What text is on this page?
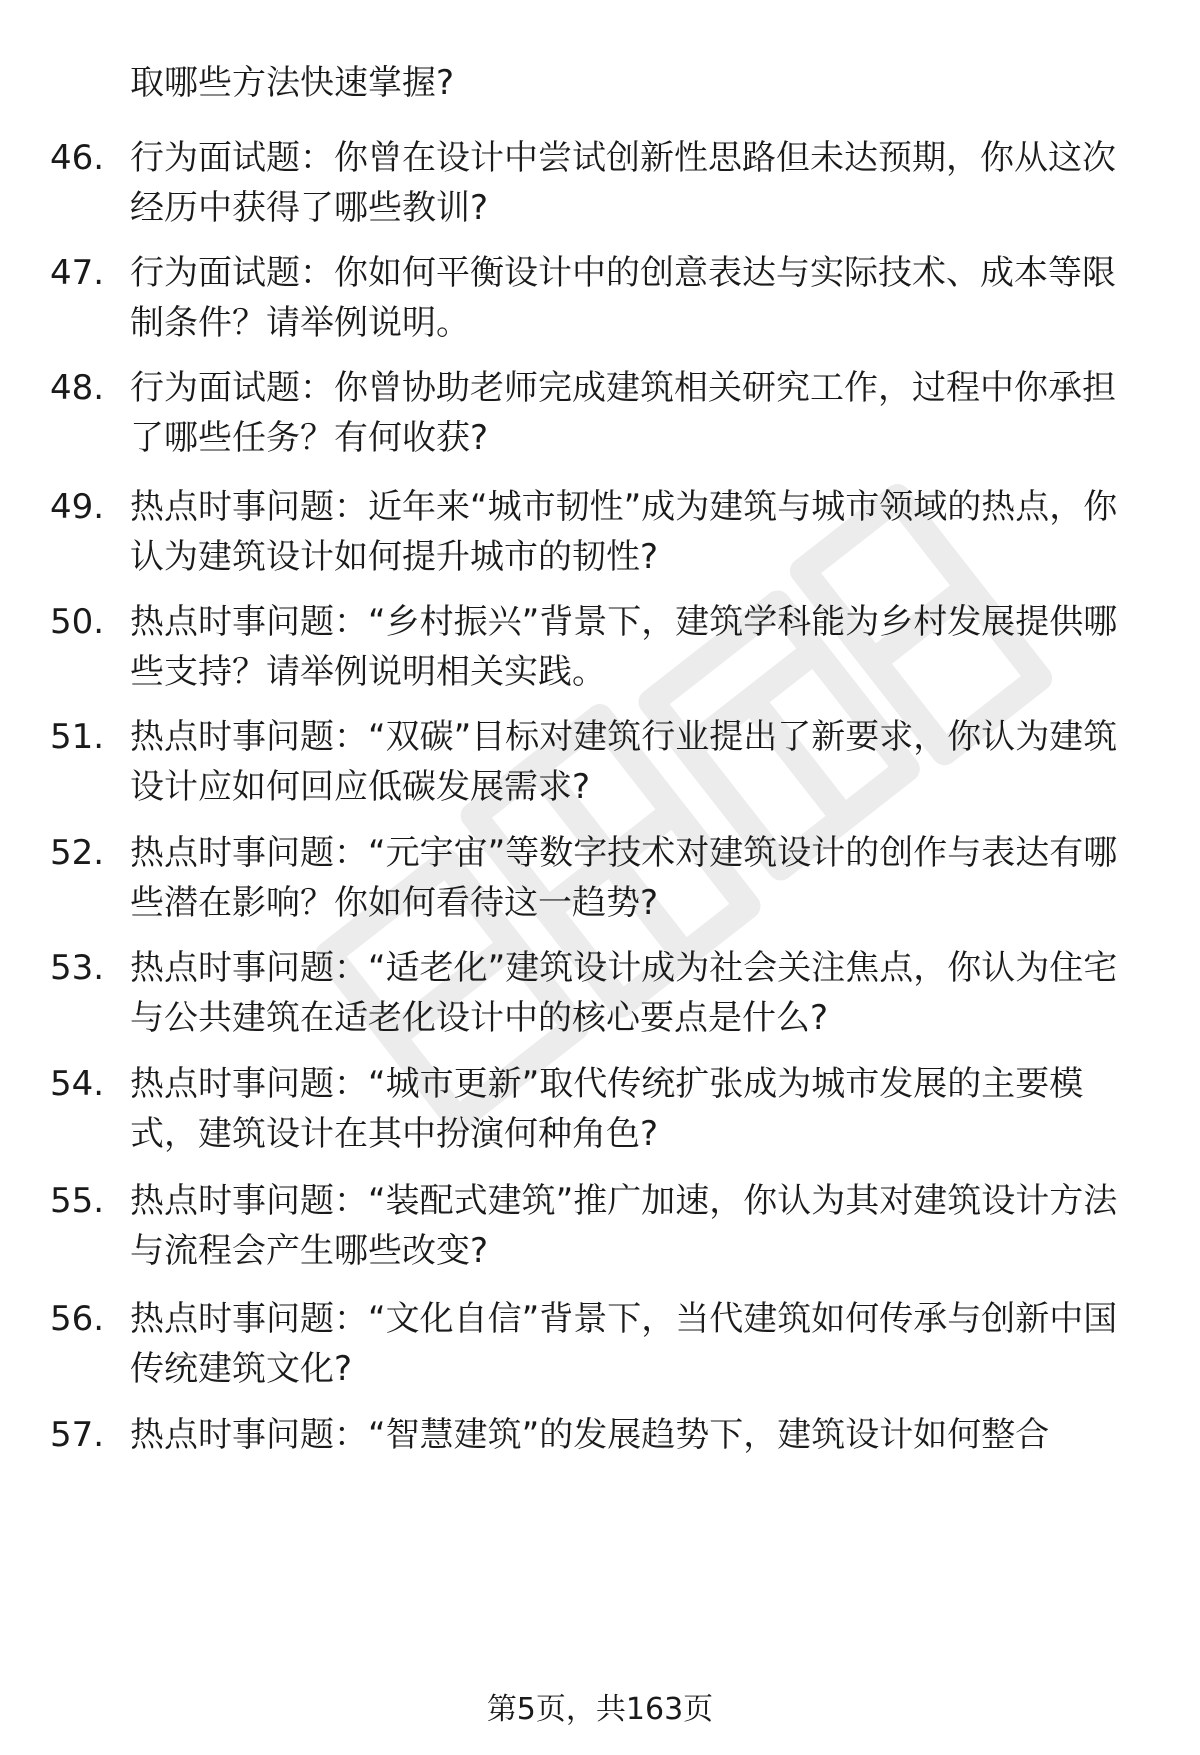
取哪些方法快速掌握?

46. 行为面试题：你曾在设计中尝试创新性思路但未达预期，你从这次经历中获得了哪些教训?
47. 行为面试题：你如何平衡设计中的创意表达与实际技术、成本等限制条件？请举例说明。
48. 行为面试题：你曾协助老师完成建筑相关研究工作，过程中你承担了哪些任务？有何收获?
49. 热点时事问题：近年来“城市韧性”成为建筑与城市领域的热点，你认为建筑设计如何提升城市的韧性?
50. 热点时事问题：“乡村振兴”背景下，建筑学科能为乡村发展提供哪些支持？请举例说明相关实践。
51. 热点时事问题：“双碳”目标对建筑行业提出了新要求，你认为建筑设计应如何回应低碳发展需求?
52. 热点时事问题：“元宇宙”等数字技术对建筑设计的创作与表达有哪些潜在影响？你如何看待这一趋势?
53. 热点时事问题：“适老化”建筑设计成为社会关注焦点，你认为住宅与公共建筑在适老化设计中的核心要点是什么?
54. 热点时事问题：“城市更新”取代传统扩张成为城市发展的主要模式，建筑设计在其中扮演何种角色?
55. 热点时事问题：“装配式建筑”推广加速，你认为其对建筑设计方法与流程会产生哪些改变?
56. 热点时事问题：“文化自信”背景下，当代建筑如何传承与创新中国传统建筑文化?
57. 热点时事问题：“智慧建筑”的发展趋势下，建筑设计如何整合
第5页，共163页
